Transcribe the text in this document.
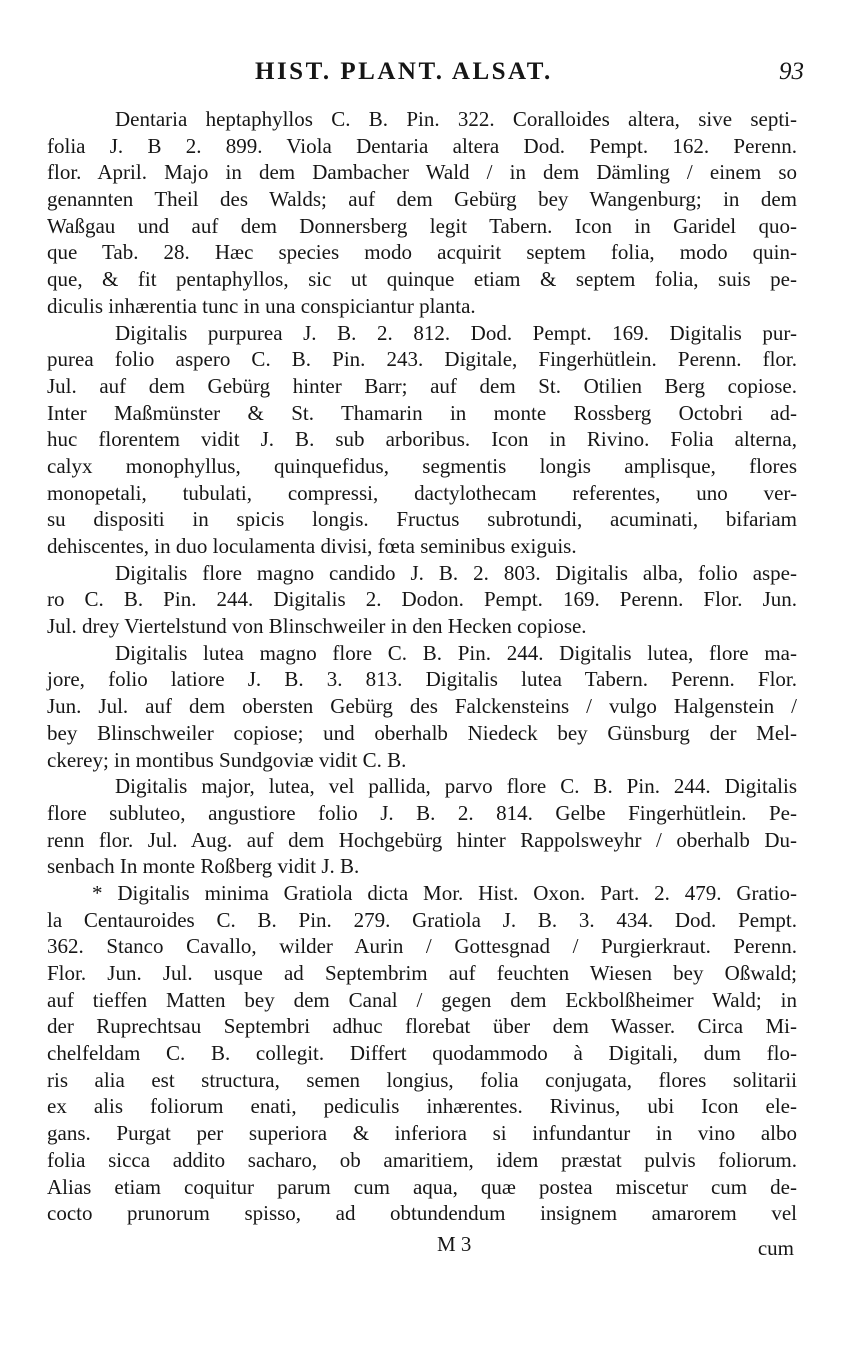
HIST. PLANT. ALSAT.	93
Dentaria heptaphyllos C. B. Pin. 322. Coralloides altera, sive septi-
folia J. B 2. 899. Viola Dentaria altera Dod. Pempt. 162. Perenn.
flor. April. Majo in dem Dambacher Wald / in dem Dämling / einem so
genannten Theil des Walds; auf dem Gebürg bey Wangenburg; in dem
Waßgau und auf dem Donnersberg legit Tabern. Icon in Garidel quo-
que Tab. 28. Hæc species modo acquirit septem folia, modo quin-
que, & fit pentaphyllos, sic ut quinque etiam & septem folia, suis pe-
diculis inhærentia tunc in una conspiciantur planta.
Digitalis purpurea J. B. 2. 812. Dod. Pempt. 169. Digitalis pur-
purea folio aspero C. B. Pin. 243. Digitale, Fingerhütlein. Perenn. flor.
Jul. auf dem Gebürg hinter Barr; auf dem St. Otilien Berg copiose.
Inter Maßmünster & St. Thamarin in monte Rossberg Octobri ad-
huc florentem vidit J. B. sub arboribus. Icon in Rivino. Folia alterna,
calyx monophyllus, quinquefidus, segmentis longis amplisque, flores
monopetali, tubulati, compressi, dactylothecam referentes, uno ver-
su dispositi in spicis longis. Fructus subrotundi, acuminati, bifariam
dehiscentes, in duo loculamenta divisi, fœta seminibus exiguis.
Digitalis flore magno candido J. B. 2. 803. Digitalis alba, folio aspe-
ro C. B. Pin. 244. Digitalis 2. Dodon. Pempt. 169. Perenn. Flor. Jun.
Jul. drey Viertelstund von Blinschweiler in den Hecken copiose.
Digitalis lutea magno flore C. B. Pin. 244. Digitalis lutea, flore ma-
jore, folio latiore J. B. 3. 813. Digitalis lutea Tabern. Perenn. Flor.
Jun. Jul. auf dem obersten Gebürg des Falckensteins / vulgo Halgenstein /
bey Blinschweiler copiose; und oberhalb Niedeck bey Günsburg der Mel-
ckerey; in montibus Sundgoviæ vidit C. B.
Digitalis major, lutea, vel pallida, parvo flore C. B. Pin. 244. Digitalis
flore subluteo, angustiore folio J. B. 2. 814. Gelbe Fingerhütlein. Pe-
renn flor. Jul. Aug. auf dem Hochgebürg hinter Rappolsweyhr / oberhalb Du-
senbach In monte Roßberg vidit J. B.
* Digitalis minima Gratiola dicta Mor. Hist. Oxon. Part. 2. 479. Gratio-
la Centauroides C. B. Pin. 279. Gratiola J. B. 3. 434. Dod. Pempt.
362. Stanco Cavallo, wilder Aurin / Gottesgnad / Purgierkraut. Perenn.
Flor. Jun. Jul. usque ad Septembrim auf feuchten Wiesen bey Oßwald;
auf tieffen Matten bey dem Canal / gegen dem Eckbolßheimer Wald; in
der Ruprechtsau Septembri adhuc florebat über dem Wasser. Circa Mi-
chelfeldam C. B. collegit. Differt quodammodo à Digitali, dum flo-
ris alia est structura, semen longius, folia conjugata, flores solitarii
ex alis foliorum enati, pediculis inhærentes. Rivinus, ubi Icon ele-
gans. Purgat per superiora & inferiora si infundantur in vino albo
folia sicca addito sacharo, ob amaritiem, idem præstat pulvis foliorum.
Alias etiam coquitur parum cum aqua, quæ postea miscetur cum de-
cocto prunorum spisso, ad obtundendum insignem amarorem vel
M 3	cum
